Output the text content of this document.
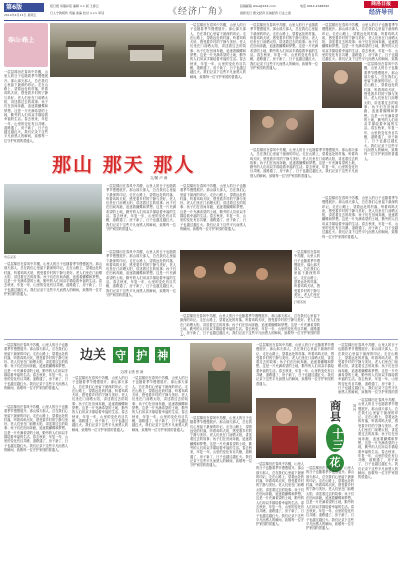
第6版
2014年4月11日 星期五
报行组 凤凰彩报 编辑 ×× 版 王春云
行人宁韵相传 责编 美编 校对 ××× 审读	《经济广角》
投稿邮箱 shlsl@163.com	电话 0914-2348292
最新发行 图文经济 区域经济 行业之窗
商洛日报
经济导刊
春山·路上
一层层梯田在春风中苏醒，山里人的日子也随着季节慢慢展开。那山那天那人，总在我们心里留下最深的印记。走在山路上，望着远处的村落，听着鸡鸣犬吠，感受着乡村的宁静与美好。老人们坐在门前晒太阳，讲述着过去的故事；孩子们在田间奔跑，追逐着蝴蝶和梦想。这是一片充满希望的土地，勤劳的人们用双手描绘着幸福的生活。春去秋来，年复一年，山里的变化有目共睹，道路通了，房子新了，日子也越过越红火。我们记录下这些平凡而感人的瞬间，致敬每一位守护家园的普通人。
一层层梯田在春风中苏醒，山里人的日子也随着季节慢慢展开。那山那天那人，总在我们心里留下最深的印记。走在山路上，望着远处的村落，听着鸡鸣犬吠，感受着乡村的宁静与美好。老人们坐在门前晒太阳，讲述着过去的故事；孩子们在田间奔跑，追逐着蝴蝶和梦想。这是一片充满希望的土地，勤劳的人们用双手描绘着幸福的生活。春去秋来，年复一年，山里的变化有目共睹，道路通了，房子新了，日子也越过越红火。我们记录下这些平凡而感人的瞬间，致敬每一位守护家园的普通人。
一层层梯田在春风中苏醒，山里人的日子也随着季节慢慢展开。那山那天那人，总在我们心里留下最深的印记。走在山路上，望着远处的村落，听着鸡鸣犬吠，感受着乡村的宁静与美好。老人们坐在门前晒太阳，讲述着过去的故事；孩子们在田间奔跑，追逐着蝴蝶和梦想。这是一片充满希望的土地，勤劳的人们用双手描绘着幸福的生活。春去秋来，年复一年，山里的变化有目共睹，道路通了，房子新了，日子也越过越红火。我们记录下这些平凡而感人的瞬间，致敬每一位守护家园的普通人。
一层层梯田在春风中苏醒，山里人的日子也随着季节慢慢展开。那山那天那人，总在我们心里留下最深的印记。走在山路上，望着远处的村落，听着鸡鸣犬吠，感受着乡村的宁静与美好。老人们坐在门前晒太阳，讲述着过去的故事；孩子们在田间奔跑，追逐着蝴蝶和梦想。这是一片充满希望的土地，勤劳的人们用双手描绘着幸福的生活。春去秋来，年复一年，山里的变化有目共睹，道路通了，房子新了，日子也越过越红火。我们记录下这些平凡而感人的瞬间，致敬
一层层梯田在春风中苏醒，山里人的日子也随着季节慢慢展开。那山那天那人，总在我们心里留下最深的印记。走在山路上，望着远处的村落，听着鸡鸣犬吠，感受着乡村的宁静与美好。老人们坐在门前晒太阳，讲述着过去的故事；孩子们在田间奔跑，追逐着蝴蝶和梦想。这是一片充满希望的土地，勤劳的人们用双手描绘着幸福的生活。春去秋来，年复一年，山里的变化有目共睹，道路通了，房子新了，日子也越过越红火。我们记录下这些平凡而感人的瞬间，致敬每一位守护家园的普通人。
那山 那天 那人
文/图 卢 涛
一层层梯田在春风中苏醒，山里人的日子也随着季节慢慢展开。那山那天那人，总在我们心里留下最深的印记。走在山路上，望着远处的村落，听着鸡鸣犬吠，感受着乡村的宁静与美好。老人们坐在门前晒太阳，讲述着过去的故事；孩子们在田间奔跑，追逐着蝴蝶和梦想。这是一片充满希望的土地，勤劳的人们用双手描绘着幸福的生活。春去秋来，年复一年，山里的变化有目共睹，道路通了，房子新了，日子也越过越红火。我们记录下这些平凡而感人的瞬间，致敬每一位守护家园的普通人。
一层层梯田在春风中苏醒，山里人的日子也随着季节慢慢展开。那山那天那人，总在我们心里留下最深的印记。走在山路上，望着远处的村落，听着鸡鸣犬吠，感受着乡村的宁静与美好。老人们坐在门前晒太阳，讲述着过去的故事；孩子们在田间奔跑，追逐着蝴蝶和梦想。这是一片充满希望的土地，勤劳的人们用双手描绘着幸福的生活。春去秋来，年复一年，山里的变化有目共睹，道路通了，房子新了，日子也越过越红火。我们记录下这些平凡而感人的瞬间，致敬每一位守护家园的普通人。
一层层梯田在春风中苏醒，山里人的日子也随着季节慢慢展开。那山那天那人，总在我们心里留下最深的印记。走在山路上，望着远处的村落，听着鸡鸣犬吠，感受着乡村的宁静与美好。老人们坐在门前晒太阳，讲述着过去的故事；孩子们在田间奔跑，追逐着蝴蝶和梦想。这是一片充满希望的土地，勤劳的人们用双手描绘着幸福的生活。春去秋来，年复一年，山里的变化有目共睹，道路通了，房子新了，日子也越过越红火。我们记录下这些平凡而感人的瞬间，致敬每一位守护家园的普通人。
雪后采茶
一层层梯田在春风中苏醒，山里人的日子也随着季节慢慢展开。那山那天那人，总在我们心里留下最深的印记。走在山路上，望着远处的村落，听着鸡鸣犬吠，感受着乡村的宁静与美好。老人们坐在门前晒太阳，讲述着过去的故事；孩子们在田间奔跑，追逐着蝴蝶和梦想。这是一片充满希望的土地，勤劳的人们用双手描绘着幸福的生活。春去秋来，年复一年，山里的变化有目共睹，道路通了，房子新了，日子也越过越红火。我们记录下这些平凡而感人的瞬间，致敬每一位守护家园的普通人。
一层层梯田在春风中苏醒，山里人的日子也随着季节慢慢展开。那山那天那人，总在我们心里留下最深的印记。走在山路上，望着远处的村落，听着鸡鸣犬吠，感受着乡村的宁静与美好。老人们坐在门前晒太阳，讲述着过去的故事；孩子们在田间奔跑，追逐着蝴蝶和梦想。这是一片充满希望的土地，勤劳的人们用双手描绘着幸福的生活。春去秋来，年复一年，山里的变化有目共睹，道路通了，房子新了，日子也越过越红火。我们记录下这些平凡而感人的瞬间，致敬每一位守护家园的普通人。
一层层梯田在春风中苏醒，山里人的日子也随着季节慢慢展开。那山那天那人，总在我们心里留下最深的印记。走在山路上，望着远处的村落，听着鸡鸣犬吠，感受着乡村的宁静与美好。老人们坐在门前晒太阳，讲述着过去的故事；孩子们在田间奔跑，追逐着蝴蝶和梦想。这是一片充满希望的土地，勤劳的人们用双手描绘着幸福的生活。春去秋来，年复一年，山里的变化有目共睹，道路通了，房子新了，日子也越过越红火。我们记录下这些平凡而感人的瞬间，致敬每一位守护家园的普通人。
打理茶园
一层层梯田在春风中苏醒，山里人的日子也随着季节慢慢展开。那山那天那人，总在我们心里留下最深的印记。走在山路上，望着远处的村落，听着鸡鸣犬吠，感受着乡村的宁静与美好。老人们坐在
一层层梯田在春风中苏醒，山里人的日子也随着季节慢慢展开。那山那天那人，总在我们心里留下最深的印记。走在山路上，望着远处的村落，听着鸡鸣犬吠，感受着乡村的宁静与美好。老人们坐在门前晒太阳，讲述着过去的故事；孩子们在田间奔跑，追逐着蝴蝶和梦想。这是一片充满希望的土地，勤劳的人们用双手描绘着幸福的生活。春去秋来，年复一年，山里的变化有目共睹，道路通了，房子新了，日子也越过越红火。我们记录下这些平凡而感人的瞬间，致敬每一位守护家园的普
一层层梯田在春风中苏醒，山里人的日子也随着季节慢慢展开。那山那天那人，总在我们心里留下最深的印记。走在山路上，望着远处的村落，听着鸡鸣犬吠，感受着乡村的宁静与美好。老人们坐在门前晒太阳，讲述着过去的故事；孩子们在田间奔跑，追逐着蝴蝶和梦想。这是一片充满希望的土地，勤劳的人们用双手描绘着幸福的生活。春去秋来，年复一年，山里的变化有目共睹，道路通了，房子新了，日子也越过越红火。我们记录下这些平凡而感人的瞬间，致敬每一位守护家园的普通人。
边关 守 护 神
文/图 记者 张 涛
一层层梯田在春风中苏醒，山里人的日子也随着季节慢慢展开。那山那天那人，总在我们心里留下最深的印记。走在山路上，望着远处的村落，听着鸡鸣犬吠，感受着乡村的宁静与美好。老人们坐在门前晒太阳，讲述着过去的故事；孩子们在田间奔跑，追逐着蝴蝶和梦想。这是一片充满希望的土地，勤劳的人们用双手描绘着幸福的生活。春去秋来，年复一年，山里的变化有目共睹，道路通了，房子新了，日子也越过越红火。我们记录下这些平凡而感人的瞬间，致敬每一位守护家园的普通人。
一层层梯田在春风中苏醒，山里人的日子也随着季节慢慢展开。那山那天那人，总在我们心里留下最深的印记。走在山路上，望着远处的村落，听着鸡鸣犬吠，感受着乡村的宁静与美好。老人们坐在门前晒太阳，讲述着过去的故事；孩子们在田间奔跑，追逐着蝴蝶和梦想。这是一片充满希望的土地，勤劳的人们用双手描绘着幸福的生活。春去秋来，年复一年，山里的变化有目共睹，道路通了，房子新了，日子也越过越红火。我们记录下这些平凡而感人的瞬间，致敬每一位守护家园的普通人。
一层层梯田在春风中苏醒，山里人的日子也随着季节慢慢展开。那山那天那人，总在我们心里留下最深的印记。走在山路上，望着远处的村落，听着鸡鸣犬吠，感受着乡村的宁静与美好。老人们坐在门前晒太阳，讲述着过去的故事；孩子们在田间奔跑，追逐着蝴蝶和梦想。这是一片充满希望的土地，勤劳的人们用双手描绘着幸福的生活。春去秋来，年复一年，山里的变化有目共睹，道路通了，房子新了，日子也越过越红火。我们记录下这些平凡而感人的瞬间，致敬每一位守护家园的普通人。
一层层梯田在春风中苏醒，山里人的日子也随着季节慢慢展开。那山那天那人，总在我们心里留下最深的印记。走在山路上，望着远处的村落，听着鸡鸣犬吠，感受着乡村的宁静与美好。老人们坐在门前晒太阳，讲述着过去的故事；孩子们在田间奔跑，追逐着蝴蝶和梦想。这是一片充满希望的土地，勤劳的人们用双手描绘着幸福的生活。春去秋来，年复一年，山里的变化有目共睹，道路通了，房子新了，日子也越过越红火。我们记录下这些平凡而感人的瞬间，致敬每一位守护家园的普通人。
一层层梯田在春风中苏醒，山里人的日子也随着季节慢慢展开。那山那天那人，总在我们心里留下最深的印记。走在山路上，望着远处的村落，听着鸡鸣犬吠，感受着乡村的宁静与美好。老人们坐在门前晒太阳，讲述着过去的故事；孩子们在田间奔跑，追逐着蝴蝶和梦想。这是一片充满希望的土地，勤劳的人们用双手描绘着幸福的生活。春去秋来，年复一年，山里的变化有目共睹，道路通了，房子新了，日子也越过越红火。我们记录下这些平凡而感人的瞬间，致敬每一位守护家园的普通人。
一层层梯田在春风中苏醒，山里人的日子也随着季节慢慢展开。那山那天那人，总在我们心里留下最深的印记。走在山路上，望着远处的村落，听着鸡鸣犬吠，感受着乡村的宁静与美好。老人们坐在门前晒太阳，讲述着过去的故事；孩子们在田间奔跑，追逐着蝴蝶和梦想。这是一片充满希望的土地，勤劳的人们用双手描绘着幸福的生活。春去秋来，年复一年，山里的变化有目共睹，道路通了，房子新了，日子也越过越红火。我们记录下这些平凡而感人的瞬间，致敬每一位守护家园的普
商县
十三
花
刘 丹
一层层梯田在春风中苏醒，山里人的日子也随着季节慢慢展开。那山那天那人，总在我们心里留下最深的印记。走在山路上，望着远处的村落，听着鸡鸣犬吠，感受着乡村的宁静与美好。老人们坐在门前晒太阳，讲述着过去的故事；孩子们在田间奔跑，追逐着蝴蝶和梦想。这是一片充满希望的土地，勤劳的人们用双手描绘着幸福的生活。春去秋来，年复一年，山里的变化有目共睹，道路通了，房子新了，日子也越过越红火。我们记录下这些平凡而感人的瞬间，致敬每一位守护家园的普通人。
一层层梯田在春风中苏醒，山里人的日子也随着季节慢慢展开。那山那天那人，总在我们心里留下最深的印记。走在山路上，望着远处的村落，听着鸡鸣犬吠，感受着乡村的宁静与美好。老人们坐在门前晒太阳，讲述着过去的故事；孩子们在田间奔跑，追逐着蝴蝶和梦想。这是一片充满希望的土地，勤劳的人们用双手描绘着幸福的生活。春去秋来，年复一年，山里的变化有目共睹，道路通了，房子新了，日子也越过越红火。我们记录下这些平凡而感人的瞬间，致敬每一位守护家园的普通人。
一层层梯田在春风中苏醒，山里人的日子也随着季节慢慢展开。那山那天那人，总在我们心里留下最深的印记。走在山路上，望着远处的村落，听着鸡鸣犬吠，感受着乡村的宁静与美好。老人们坐在门前晒太阳，讲述着过去的故事；孩子们在田间奔跑，追逐着蝴蝶和梦想。这是一片充满希望的土地，勤劳的人们用双手描绘着幸福的生活。春去秋来，年复一年，山里的变化有目共睹，道路通了，房子新了，日子也越过越红火。我们记录下这些平凡而感人的瞬间，致敬每一位守护家园的普通人。
